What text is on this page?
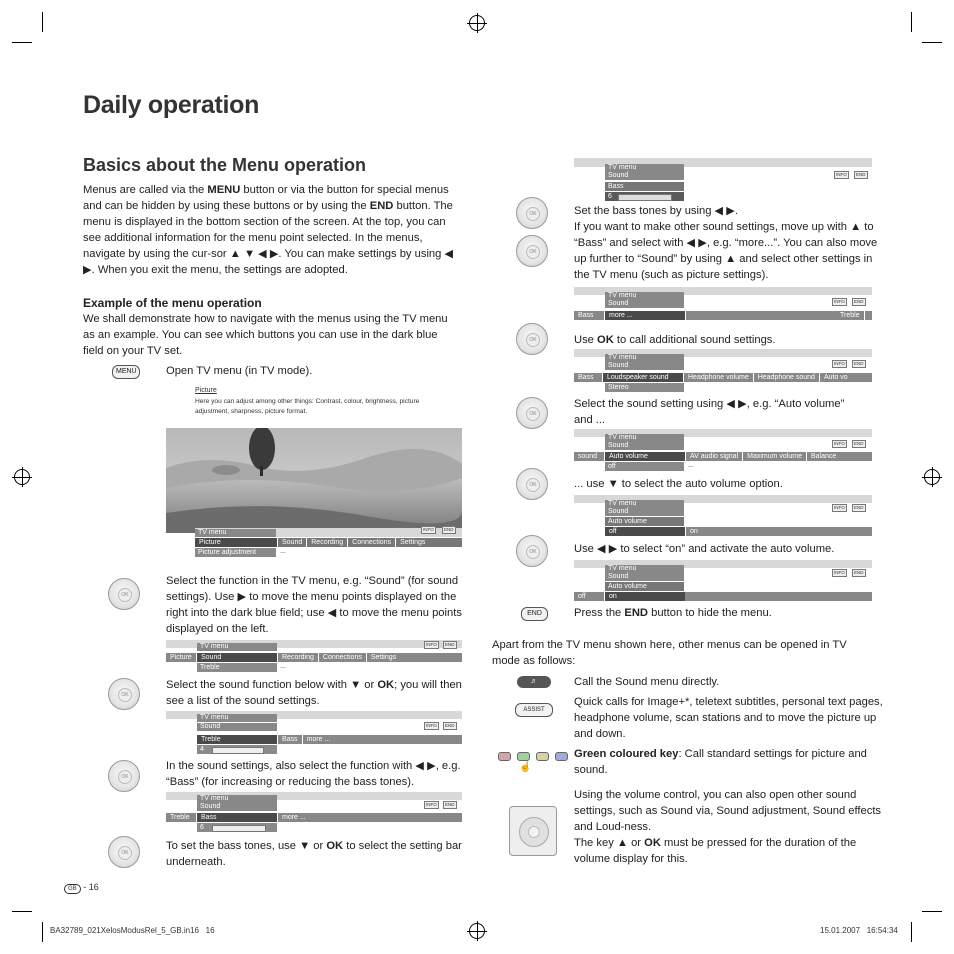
Daily operation
Basics about the Menu operation
Menus are called via the MENU button or via the button for special menus and can be hidden by using these buttons or by using the END button. The menu is displayed in the bottom section of the screen. At the top, you can see additional information for the menu point selected. In the menus, navigate by using the cur-sor ▲ ▼ ◀ ▶. You can make settings by using ◀ ▶. When you exit the menu, the settings are adopted.
Example of the menu operation
We shall demonstrate how to navigate with the menus using the TV menu as an example. You can see which buttons you can use in the dark blue field on your TV set.
MENU	Open TV menu (in TV mode).
Picture
Here you can adjust among other things: Contrast, colour, brightness, picture adjustment, sharpness, picture format.
TV menu	INFO	END
Picture	Sound Recording Connections Settings
Picture adjustment	...
OK
Select the function in the TV menu, e.g. “Sound” (for sound settings). Use ▶ to move the menu points displayed on the right into the dark blue field; use ◀ to move the menu points displayed on the left.
TV menu	INFO	END
Picture Sound	Recording Connections Settings
Treble	...
OK
Select the sound function below with ▼ or OK; you will then see a list of the sound settings.
TV menu
Sound	INFO	END
Treble	Bass more ...
4
OK
In the sound settings, also select the function with ◀ ▶, e.g. “Bass” (for increasing or reducing the bass tones).
TV menu
Sound	INFO	END
Treble Bass	more ...
6
OK
To set the bass tones, use ▼ or OK to select the setting bar underneath.
GB - 16
BA32789_021XelosModusRel_5_GB.in16   16	15.01.2007   16:54:34
TV menu
Sound	INFO	END
Bass
6
OK
OK
Set the bass tones by using ◀ ▶.
If you want to make other sound settings, move up with ▲ to “Bass” and select with ◀ ▶, e.g. “more...”. You can also move up further to “Sound” by using ▲ and select other settings in the TV menu (such as picture settings).
TV menu
Sound	INFO	END
Bass more ...	Treble
OK	Use OK to call additional sound settings.
TV menu
Sound	INFO	END
Bass Loudspeaker sound	Headphone volume Headphone sound Auto vo
Stereo
OK
Select the sound setting using ◀ ▶, e.g. “Auto volume” and ...
TV menu
Sound	INFO	END
sound Auto volume	AV audio signal Maximum volume Balance
off	...
OK	... use ▼ to select the auto volume option.
TV menu
Sound
INFO	END
Auto volume
off	on
OK	Use ◀ ▶ to select “on” and activate the auto volume.
TV menu
Sound
INFO	END
Auto volume
off	on
END	Press the END button to hide the menu.
Apart from the TV menu shown here, other menus can be opened in TV mode as follows:
♬	Call the Sound menu directly.
ASSIST
Quick calls for Image+*, teletext subtitles, personal text pages, headphone volume, scan stations and to move the picture up and down.
☝
Green coloured key: Call standard settings for picture and sound.
Using the volume control, you can also open other sound settings, such as Sound via, Sound adjustment, Sound effects and Loud-ness.
The key ▲ or OK must be pressed for the duration of the volume display for this.
